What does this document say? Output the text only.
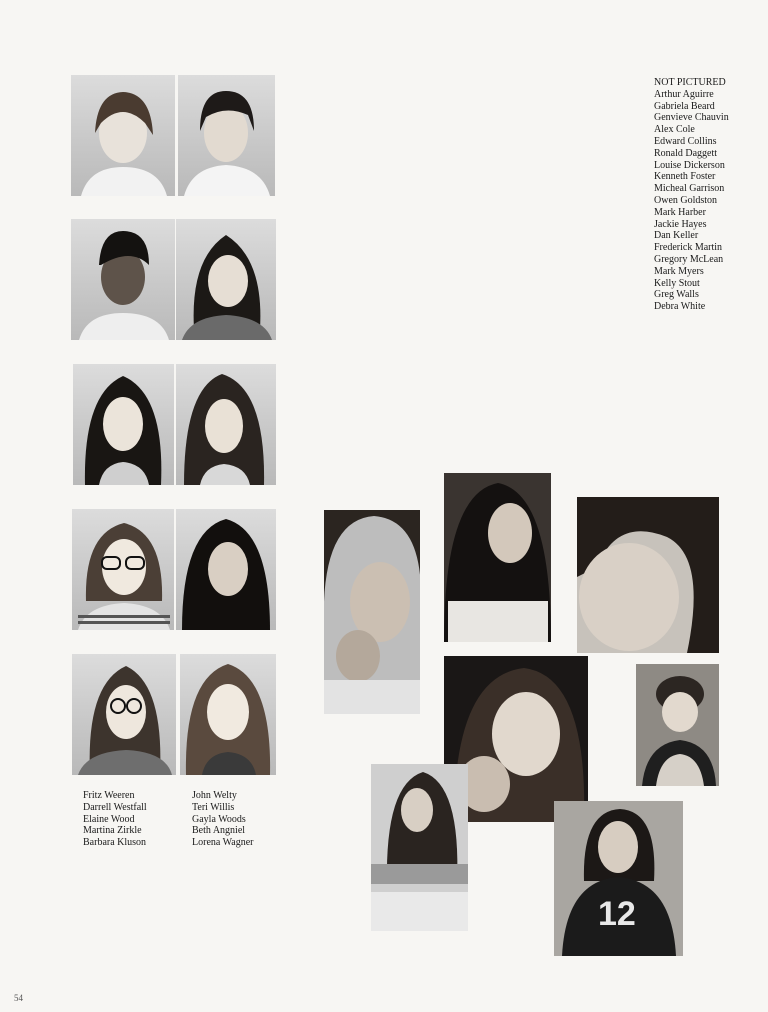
Fritz Weeren
Darrell Westfall
Elaine Wood
Martina Zirkle
Barbara Kluson
John Welty
Teri Willis
Gayla Woods
Beth Angniel
Lorena Wagner
NOT PICTURED
Arthur Aguirre
Gabriela Beard
Genvieve Chauvin
Alex Cole
Edward Collins
Ronald Daggett
Louise Dickerson
Kenneth Foster
Micheal Garrison
Owen Goldston
Mark Harber
Jackie Hayes
Dan Keller
Frederick Martin
Gregory McLean
Mark Myers
Kelly Stout
Greg Walls
Debra White
12
54
